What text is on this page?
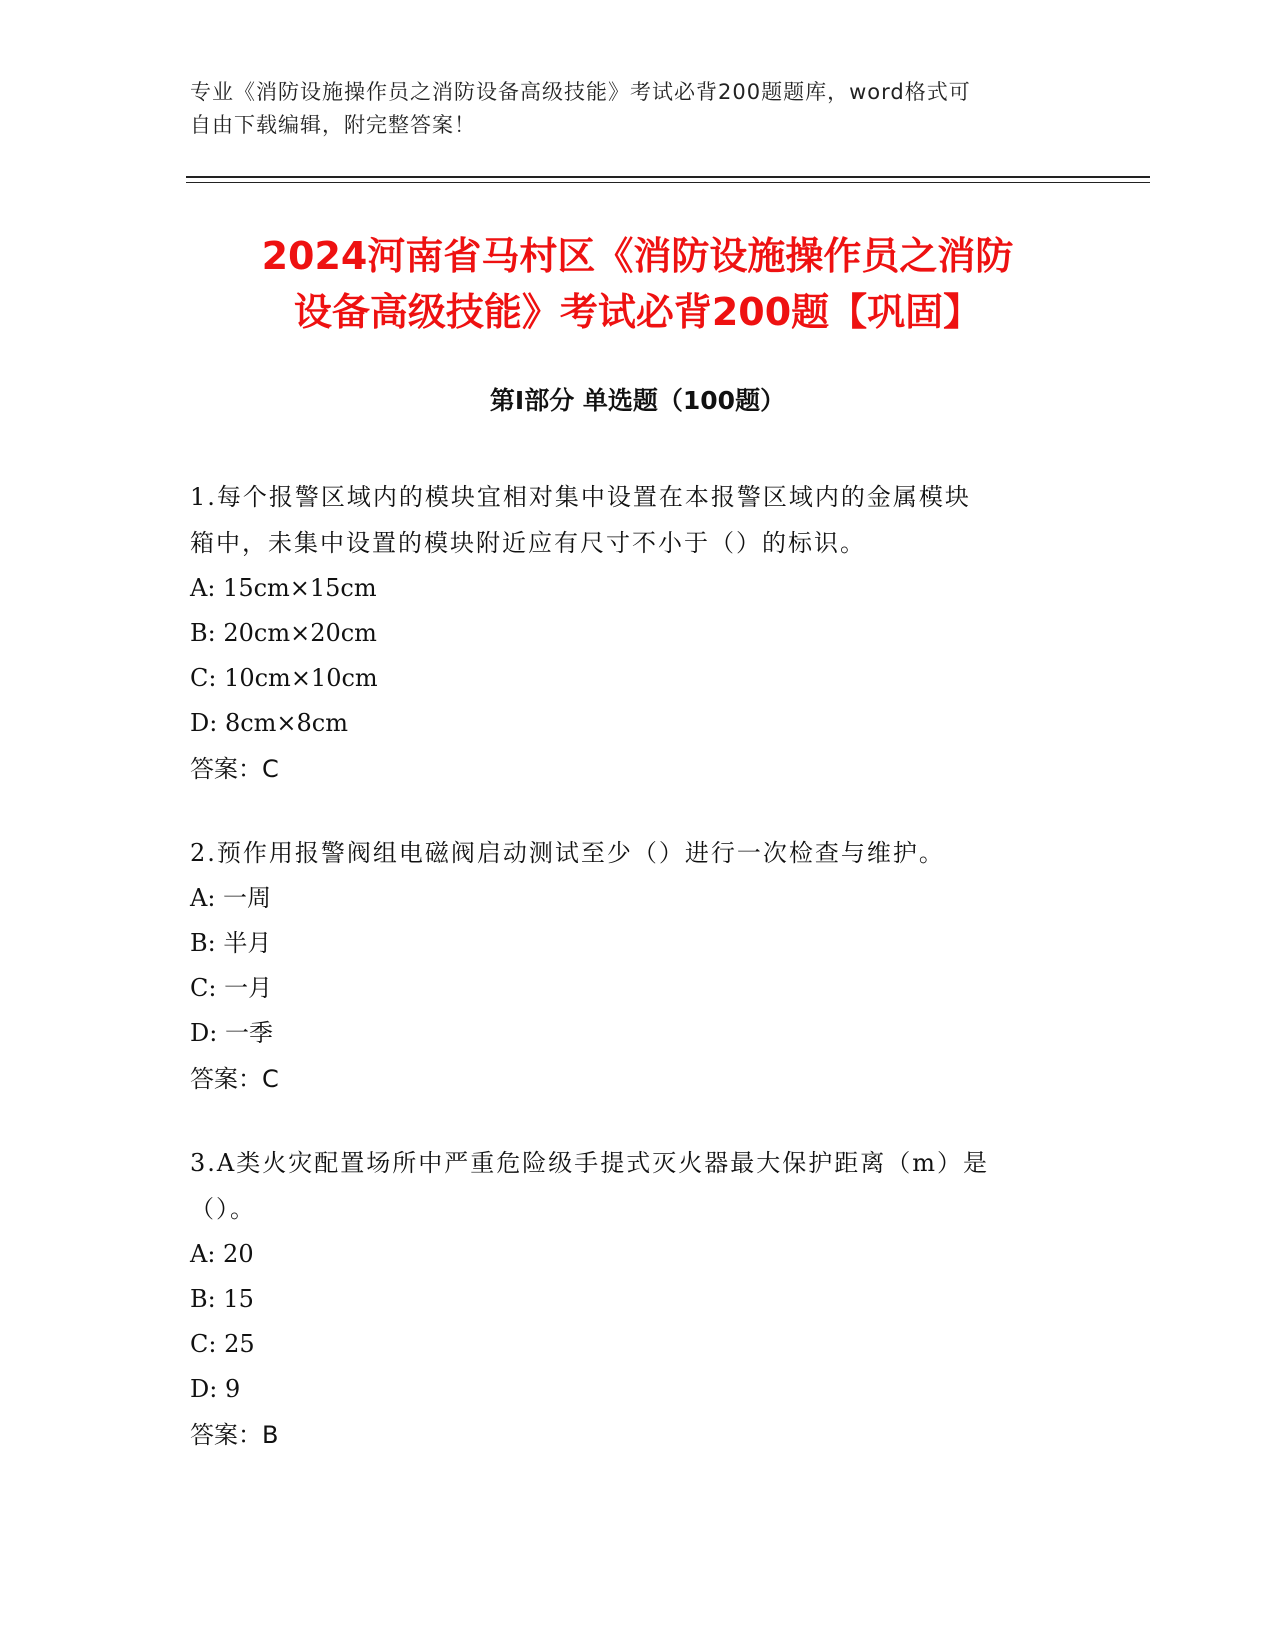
专业《消防设施操作员之消防设备高级技能》考试必背200题题库，word格式可
自由下载编辑，附完整答案！
2024河南省马村区《消防设施操作员之消防
设备高级技能》考试必背200题【巩固】
第I部分 单选题（100题）
1.每个报警区域内的模块宜相对集中设置在本报警区域内的金属模块
箱中，未集中设置的模块附近应有尺寸不小于（）的标识。
A: 15cm×15cm
B: 20cm×20cm
C: 10cm×10cm
D: 8cm×8cm
答案：C
2.预作用报警阀组电磁阀启动测试至少（）进行一次检查与维护。
A: 一周
B: 半月
C: 一月
D: 一季
答案：C
3.A类火灾配置场所中严重危险级手提式灭火器最大保护距离（m）是
（）。
A: 20
B: 15
C: 25
D: 9
答案：B
